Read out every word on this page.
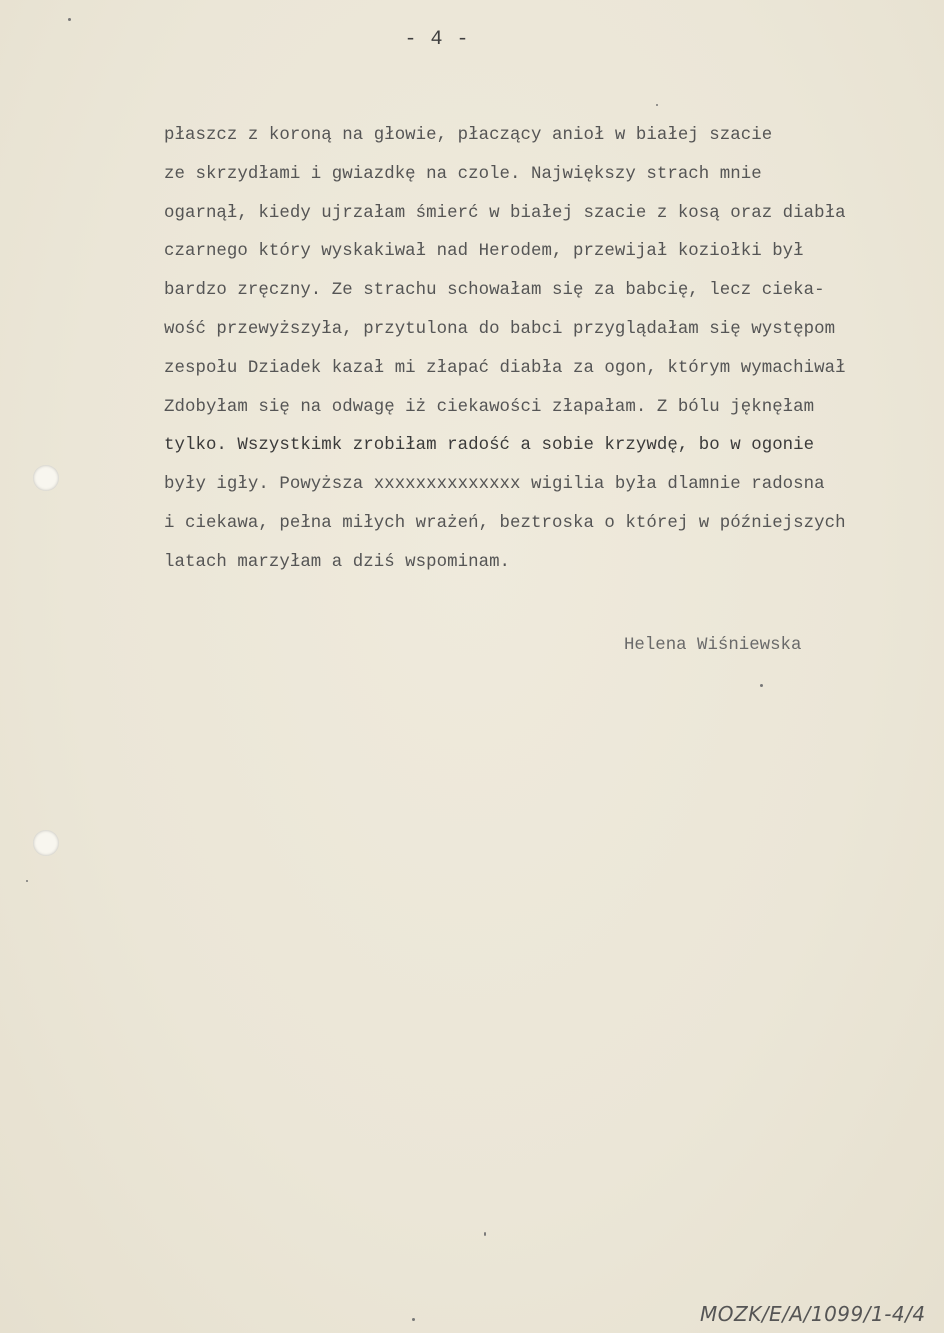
- 4 -
płaszcz z koroną na głowie, płaczący anioł w białej szacie
ze skrzydłami i gwiazdkę na czole. Największy strach mnie
ogarnął, kiedy ujrzałam śmierć w białej szacie z kosą oraz diabła
czarnego który wyskakiwał nad Herodem, przewijał koziołki był
bardzo zręczny. Ze strachu schowałam się za babcię, lecz cieka-
wość przewyższyła, przytulona do babci przyglądałam się występom
zespołu Dziadek kazał mi złapać diabła za ogon, którym wymachiwał
Zdobyłam się na odwagę iż ciekawości złapałam. Z bólu jęknęłam
tylko. Wszystkimk zrobiłam radość a sobie krzywdę, bo w ogonie
były igły. Powyższa xxxxxxxxxxxxxx wigilia była dlamnie radosna
i ciekawa, pełna miłych wrażeń, beztroska o której w późniejszych
latach marzyłam a dziś wspominam.
Helena Wiśniewska
MOZK/E/A/1099/1-4/4
